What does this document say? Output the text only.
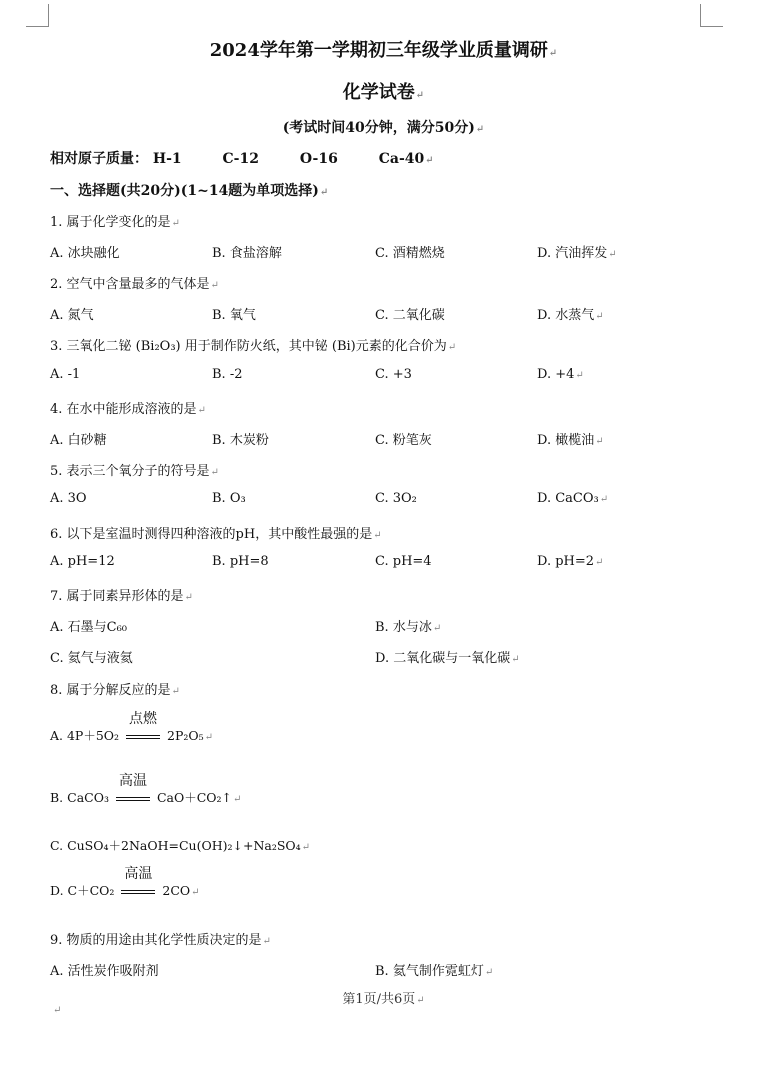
2024学年第一学期初三年级学业质量调研↵
化学试卷↵
(考试时间40分钟，满分50分)↵
相对原子质量： H-1	C-12	O-16	Ca-40↵
一、选择题(共20分)(1~14题为单项选择)↵
1. 属于化学变化的是↵
A. 冰块融化	B. 食盐溶解	C. 酒精燃烧	D. 汽油挥发↵
2. 空气中含量最多的气体是↵
A. 氮气	B. 氧气	C. 二氧化碳	D. 水蒸气↵
3. 三氧化二铋 (Bi₂O₃) 用于制作防火纸，其中铋 (Bi)元素的化合价为↵
A. -1	B. -2	C. +3	D. +4↵
4. 在水中能形成溶液的是↵
A. 白砂糖	B. 木炭粉	C. 粉笔灰	D. 橄榄油↵
5. 表示三个氧分子的符号是↵
A. 3O	B. O₃	C. 3O₂	D. CaCO₃↵
6. 以下是室温时测得四种溶液的pH，其中酸性最强的是↵
A. pH=12	B. pH=8	C. pH=4	D. pH=2↵
7. 属于同素异形体的是↵
A. 石墨与C₆₀	B. 水与冰↵
C. 氦气与液氦	D. 二氧化碳与一氧化碳↵
8. 属于分解反应的是↵
A. 4P＋5O₂
点燃
2P₂O₅↵
B. CaCO₃
高温
CaO＋CO₂↑↵
C. CuSO₄＋2NaOH=Cu(OH)₂↓+Na₂SO₄↵
D. C＋CO₂
高温
2CO↵
9. 物质的用途由其化学性质决定的是↵
A. 活性炭作吸附剂	B. 氦气制作霓虹灯↵
第1页/共6页↵
↵
